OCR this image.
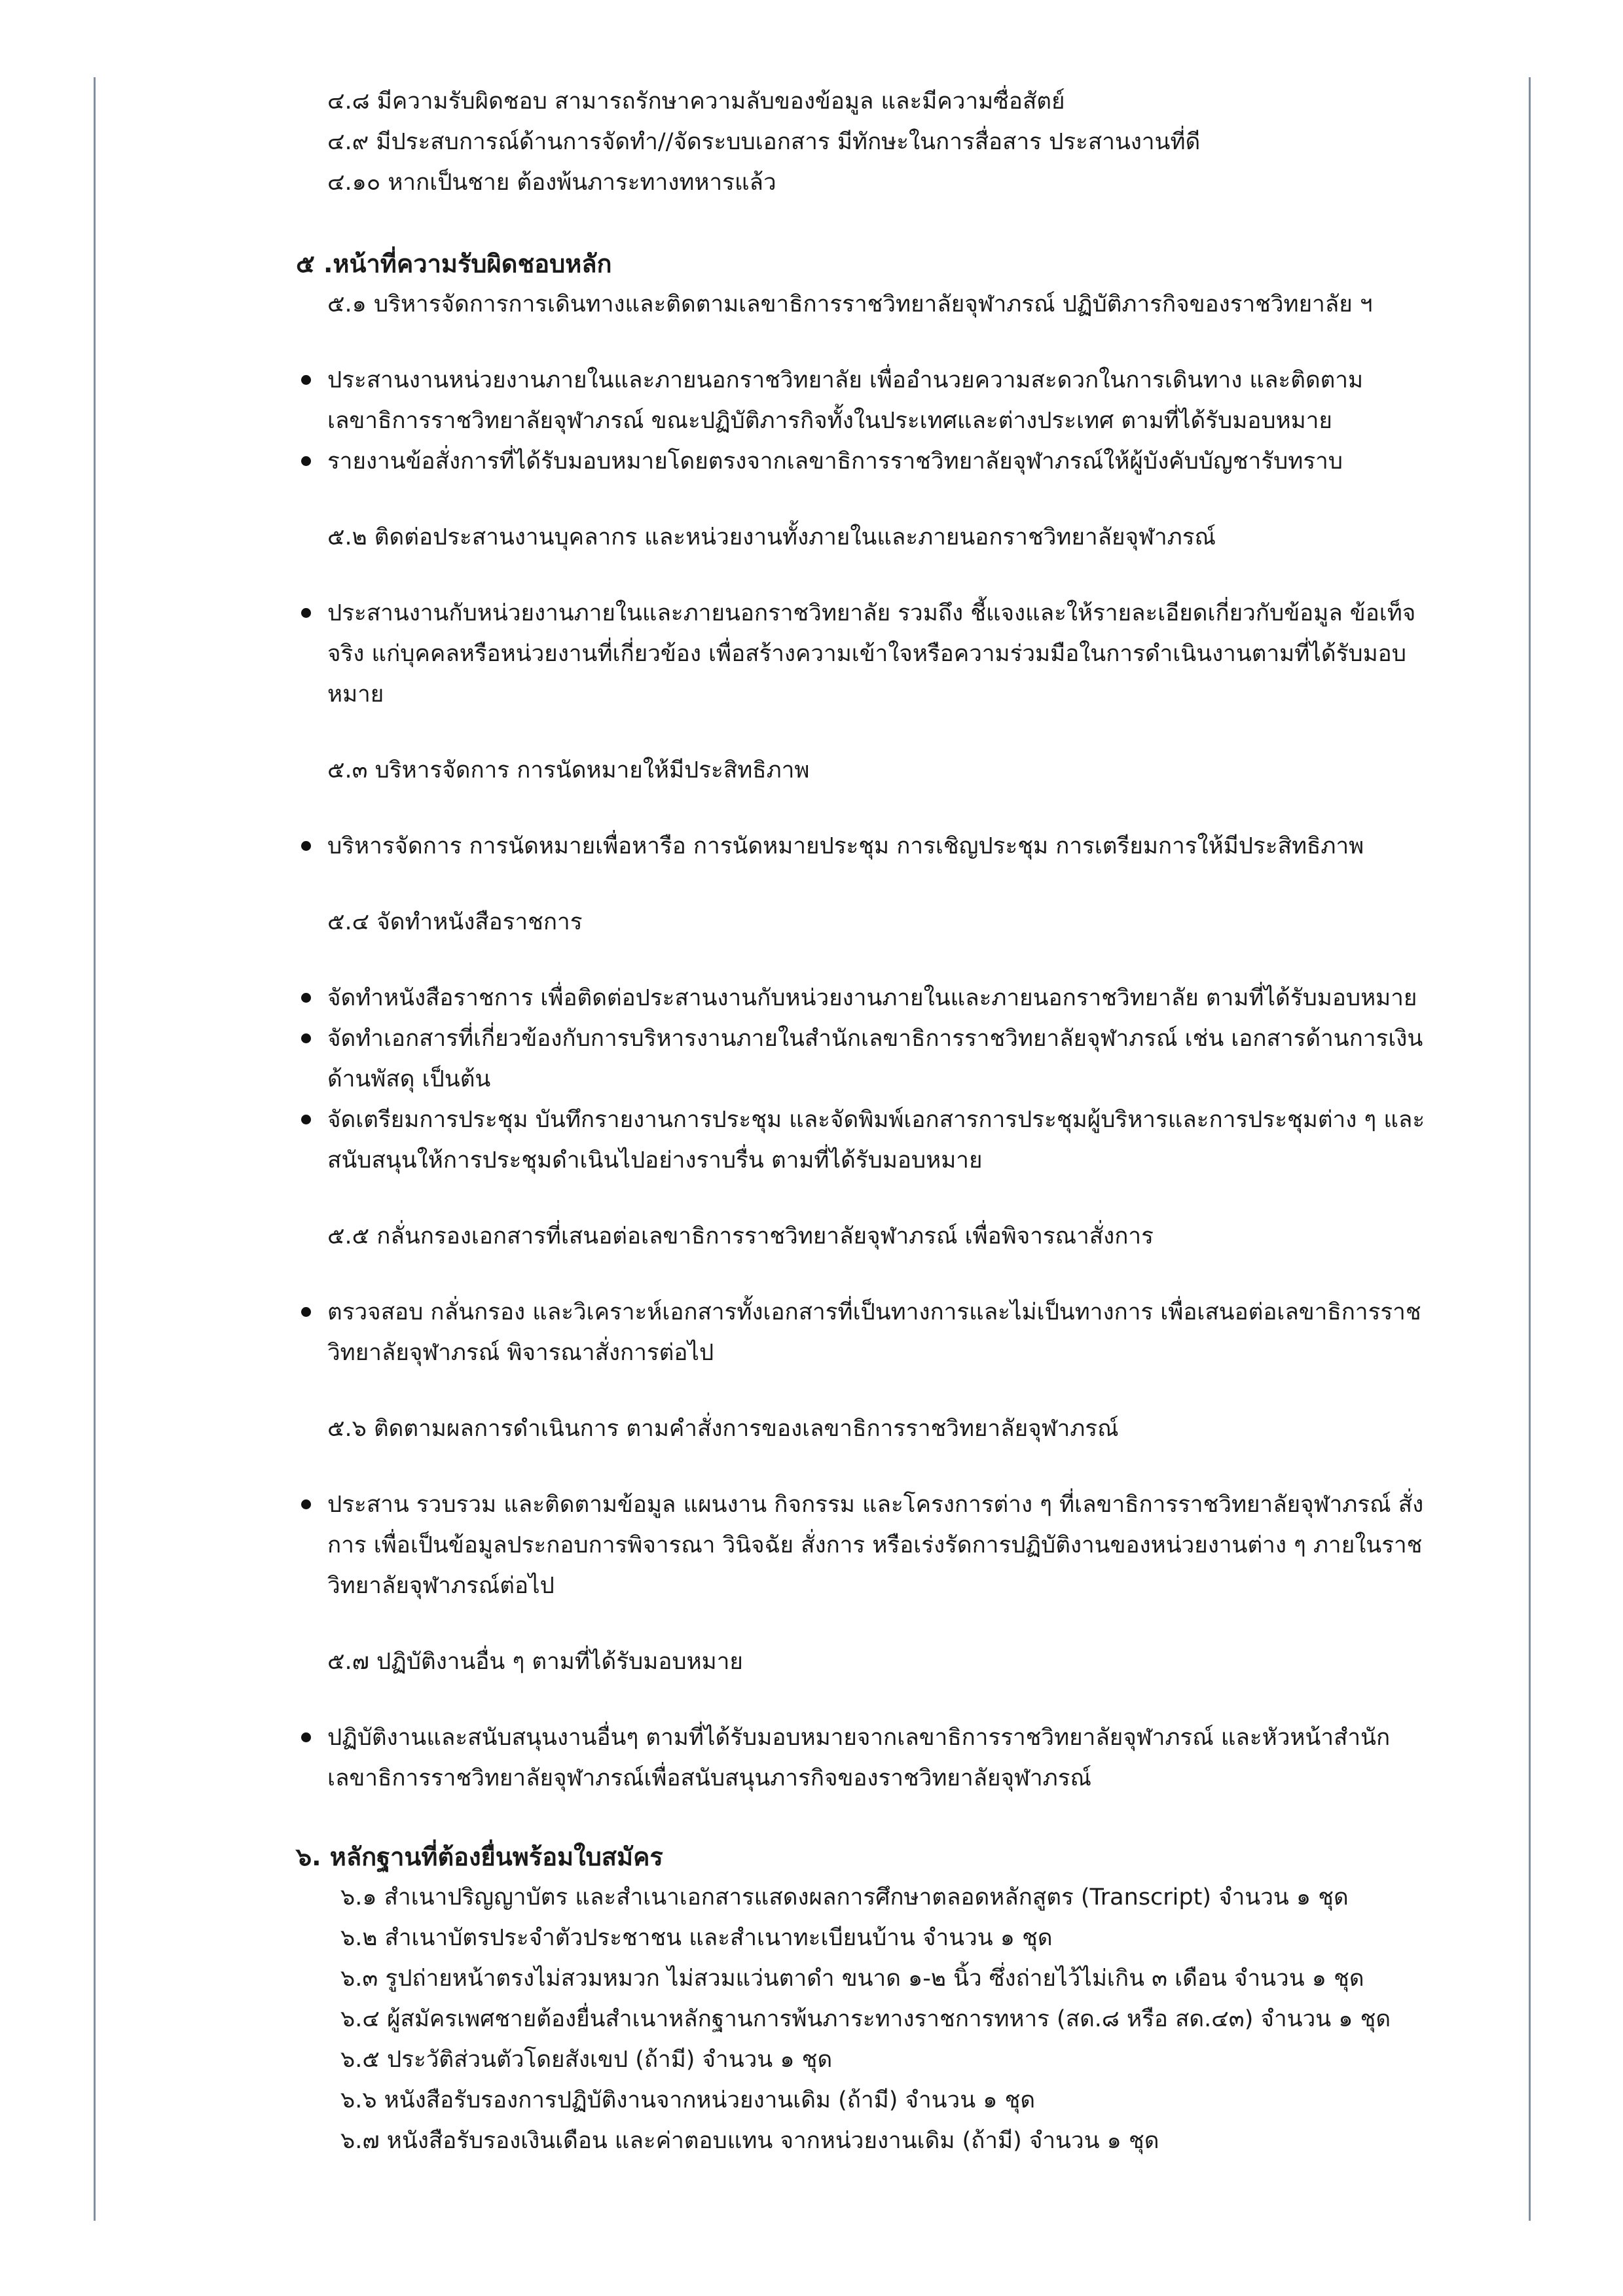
๔.๘ มีความรับผิดชอบ สามารถรักษาความลับของข้อมูล และมีความซื่อสัตย์
๔.๙ มีประสบการณ์ด้านการจัดทำ//จัดระบบเอกสาร มีทักษะในการสื่อสาร ประสานงานที่ดี
๔.๑๐ หากเป็นชาย ต้องพ้นภาระทางทหารแล้ว
๕ .หน้าที่ความรับผิดชอบหลัก
๕.๑ บริหารจัดการการเดินทางและติดตามเลขาธิการราชวิทยาลัยจุฬาภรณ์ ปฏิบัติภารกิจของราชวิทยาลัย ฯ
ประสานงานหน่วยงานภายในและภายนอกราชวิทยาลัย เพื่ออำนวยความสะดวกในการเดินทาง และติดตาม
เลขาธิการราชวิทยาลัยจุฬาภรณ์ ขณะปฏิบัติภารกิจทั้งในประเทศและต่างประเทศ ตามที่ได้รับมอบหมาย
รายงานข้อสั่งการที่ได้รับมอบหมายโดยตรงจากเลขาธิการราชวิทยาลัยจุฬาภรณ์ให้ผู้บังคับบัญชารับทราบ
๕.๒ ติดต่อประสานงานบุคลากร และหน่วยงานทั้งภายในและภายนอกราชวิทยาลัยจุฬาภรณ์
ประสานงานกับหน่วยงานภายในและภายนอกราชวิทยาลัย รวมถึง ชี้แจงและให้รายละเอียดเกี่ยวกับข้อมูล ข้อเท็จ
จริง แก่บุคคลหรือหน่วยงานที่เกี่ยวข้อง เพื่อสร้างความเข้าใจหรือความร่วมมือในการดำเนินงานตามที่ได้รับมอบ
หมาย
๕.๓ บริหารจัดการ การนัดหมายให้มีประสิทธิภาพ
บริหารจัดการ การนัดหมายเพื่อหารือ การนัดหมายประชุม การเชิญประชุม การเตรียมการให้มีประสิทธิภาพ
๕.๔ จัดทำหนังสือราชการ
จัดทำหนังสือราชการ เพื่อติดต่อประสานงานกับหน่วยงานภายในและภายนอกราชวิทยาลัย ตามที่ได้รับมอบหมาย
จัดทำเอกสารที่เกี่ยวข้องกับการบริหารงานภายในสำนักเลขาธิการราชวิทยาลัยจุฬาภรณ์ เช่น เอกสารด้านการเงิน
ด้านพัสดุ เป็นต้น
จัดเตรียมการประชุม บันทึกรายงานการประชุม และจัดพิมพ์เอกสารการประชุมผู้บริหารและการประชุมต่าง ๆ และ
สนับสนุนให้การประชุมดำเนินไปอย่างราบรื่น ตามที่ได้รับมอบหมาย
๕.๕ กลั่นกรองเอกสารที่เสนอต่อเลขาธิการราชวิทยาลัยจุฬาภรณ์ เพื่อพิจารณาสั่งการ
ตรวจสอบ กลั่นกรอง และวิเคราะห์เอกสารทั้งเอกสารที่เป็นทางการและไม่เป็นทางการ เพื่อเสนอต่อเลขาธิการราช
วิทยาลัยจุฬาภรณ์ พิจารณาสั่งการต่อไป
๕.๖ ติดตามผลการดำเนินการ ตามคำสั่งการของเลขาธิการราชวิทยาลัยจุฬาภรณ์
ประสาน รวบรวม และติดตามข้อมูล แผนงาน กิจกรรม และโครงการต่าง ๆ ที่เลขาธิการราชวิทยาลัยจุฬาภรณ์ สั่ง
การ เพื่อเป็นข้อมูลประกอบการพิจารณา วินิจฉัย สั่งการ หรือเร่งรัดการปฏิบัติงานของหน่วยงานต่าง ๆ ภายในราช
วิทยาลัยจุฬาภรณ์ต่อไป
๕.๗ ปฏิบัติงานอื่น ๆ ตามที่ได้รับมอบหมาย
ปฏิบัติงานและสนับสนุนงานอื่นๆ ตามที่ได้รับมอบหมายจากเลขาธิการราชวิทยาลัยจุฬาภรณ์ และหัวหน้าสำนัก
เลขาธิการราชวิทยาลัยจุฬาภรณ์เพื่อสนับสนุนภารกิจของราชวิทยาลัยจุฬาภรณ์
๖. หลักฐานที่ต้องยื่นพร้อมใบสมัคร
๖.๑ สำเนาปริญญาบัตร และสำเนาเอกสารแสดงผลการศึกษาตลอดหลักสูตร (Transcript) จำนวน ๑ ชุด
๖.๒ สำเนาบัตรประจำตัวประชาชน และสำเนาทะเบียนบ้าน จำนวน ๑ ชุด
๖.๓ รูปถ่ายหน้าตรงไม่สวมหมวก ไม่สวมแว่นตาดำ ขนาด ๑-๒ นิ้ว ซึ่งถ่ายไว้ไม่เกิน ๓ เดือน จำนวน ๑ ชุด
๖.๔ ผู้สมัครเพศชายต้องยื่นสำเนาหลักฐานการพ้นภาระทางราชการทหาร (สด.๘ หรือ สด.๔๓) จำนวน ๑ ชุด
๖.๕ ประวัติส่วนตัวโดยสังเขป (ถ้ามี) จำนวน ๑ ชุด
๖.๖ หนังสือรับรองการปฏิบัติงานจากหน่วยงานเดิม (ถ้ามี) จำนวน ๑ ชุด
๖.๗ หนังสือรับรองเงินเดือน และค่าตอบแทน จากหน่วยงานเดิม (ถ้ามี) จำนวน ๑ ชุด
